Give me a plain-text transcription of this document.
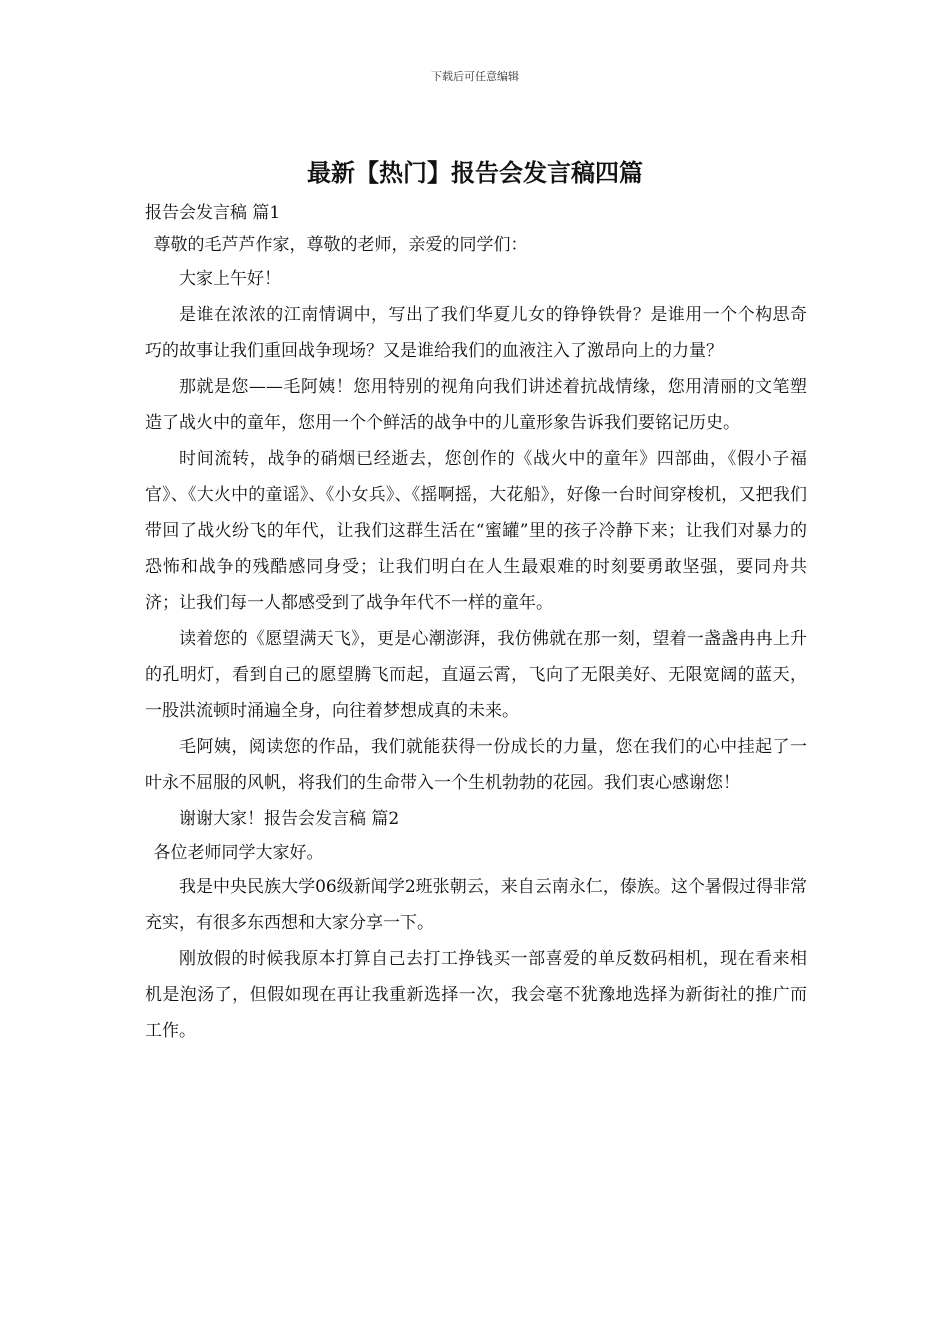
下载后可任意编辑
最新【热门】报告会发言稿四篇

报告会发言稿 篇1

尊敬的毛芦芦作家，尊敬的老师，亲爱的同学们：

大家上午好！

是谁在浓浓的江南情调中，写出了我们华夏儿女的铮铮铁骨？是谁用一个个构思奇巧的故事让我们重回战争现场？又是谁给我们的血液注入了激昂向上的力量？

那就是您——毛阿姨！您用特别的视角向我们讲述着抗战情缘，您用清丽的文笔塑造了战火中的童年，您用一个个鲜活的战争中的儿童形象告诉我们要铭记历史。

时间流转，战争的硝烟已经逝去，您创作的《战火中的童年》四部曲，《假小子福官》、《大火中的童谣》、《小女兵》、《摇啊摇，大花船》，好像一台时间穿梭机，又把我们带回了战火纷飞的年代，让我们这群生活在“蜜罐”里的孩子冷静下来；让我们对暴力的恐怖和战争的残酷感同身受；让我们明白在人生最艰难的时刻要勇敢坚强，要同舟共济；让我们每一人都感受到了战争年代不一样的童年。

读着您的《愿望满天飞》，更是心潮澎湃，我仿佛就在那一刻，望着一盏盏冉冉上升的孔明灯，看到自己的愿望腾飞而起，直逼云霄，飞向了无限美好、无限宽阔的蓝天，一股洪流顿时涌遍全身，向往着梦想成真的未来。

毛阿姨，阅读您的作品，我们就能获得一份成长的力量，您在我们的心中挂起了一叶永不屈服的风帆，将我们的生命带入一个生机勃勃的花园。我们衷心感谢您！

谢谢大家！报告会发言稿 篇2

各位老师同学大家好。

我是中央民族大学06级新闻学2班张朝云，来自云南永仁，傣族。这个暑假过得非常充实，有很多东西想和大家分享一下。

刚放假的时候我原本打算自己去打工挣钱买一部喜爱的单反数码相机，现在看来相机是泡汤了，但假如现在再让我重新选择一次，我会毫不犹豫地选择为新街社的推广而工作。
